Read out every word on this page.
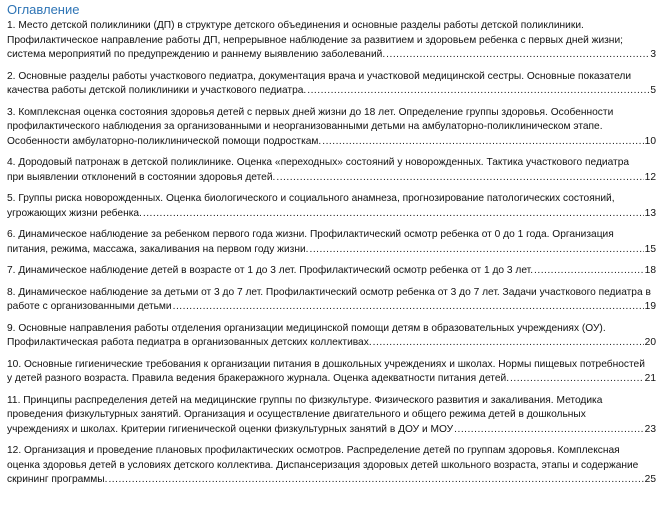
Оглавление
1. Место детской поликлиники (ДП) в структуре детского объединения и основные разделы работы детской поликлиники.
Профилактическое направление работы ДП, непрерывное наблюдение за развитием и здоровьем ребенка с первых дней жизни;
система мероприятий по предупреждению и раннему выявлению заболеваний. .....	3
2. Основные разделы работы участкового педиатра, документация врача и участковой медицинской сестры. Основные показатели
качества работы детской поликлиники и участкового педиатра. .....	5
3. Комплексная оценка состояния здоровья детей с первых дней жизни до 18 лет. Определение группы здоровья. Особенности
профилактического наблюдения за организованными и неорганизованными детьми на амбулаторно-поликлиническом этапе.
Особенности амбулаторно-поликлинической помощи подросткам. .....	10
4. Дородовый патронаж в детской поликлинике. Оценка «переходных» состояний у новорожденных. Тактика участкового педиатра
при выявлении отклонений в состоянии здоровья детей. .....	12
5. Группы риска новорожденных. Оценка биологического и социального анамнеза, прогнозирование патологических состояний,
угрожающих жизни ребенка. .....	13
6. Динамическое наблюдение за ребенком первого года жизни. Профилактический осмотр ребенка от 0 до 1 года. Организация
питания, режима, массажа, закаливания на первом году жизни. .....	15
7. Динамическое наблюдение детей в возрасте от 1 до 3 лет. Профилактический осмотр ребенка от 1 до 3 лет. .....	18
8. Динамическое наблюдение за детьми от 3 до 7 лет. Профилактический осмотр ребенка от 3 до 7 лет. Задачи участкового педиатра в
работе с организованными детьми .....	19
9. Основные направления работы отделения организации медицинской помощи детям в образовательных учреждениях (ОУ).
Профилактическая работа педиатра в организованных детских коллективах. .....	20
10. Основные гигиенические требования к организации питания в дошкольных учреждениях и школах. Нормы пищевых потребностей
у детей разного возраста. Правила ведения бракеражного журнала. Оценка адекватности питания детей. .....	21
11. Принципы распределения детей на медицинские группы по физкультуре. Физического развития и закаливания. Методика
проведения физкультурных занятий. Организация и осуществление двигательного и общего режима детей в дошкольных
учреждениях и школах. Критерии гигиенической оценки физкультурных занятий в ДОУ и МОУ .....	23
12. Организация и проведение плановых профилактических осмотров. Распределение детей по группам здоровья. Комплексная
оценка здоровья детей в условиях детского коллектива. Диспансеризация здоровых детей школьного возраста, этапы и содержание
скрининг программы. .....	25
